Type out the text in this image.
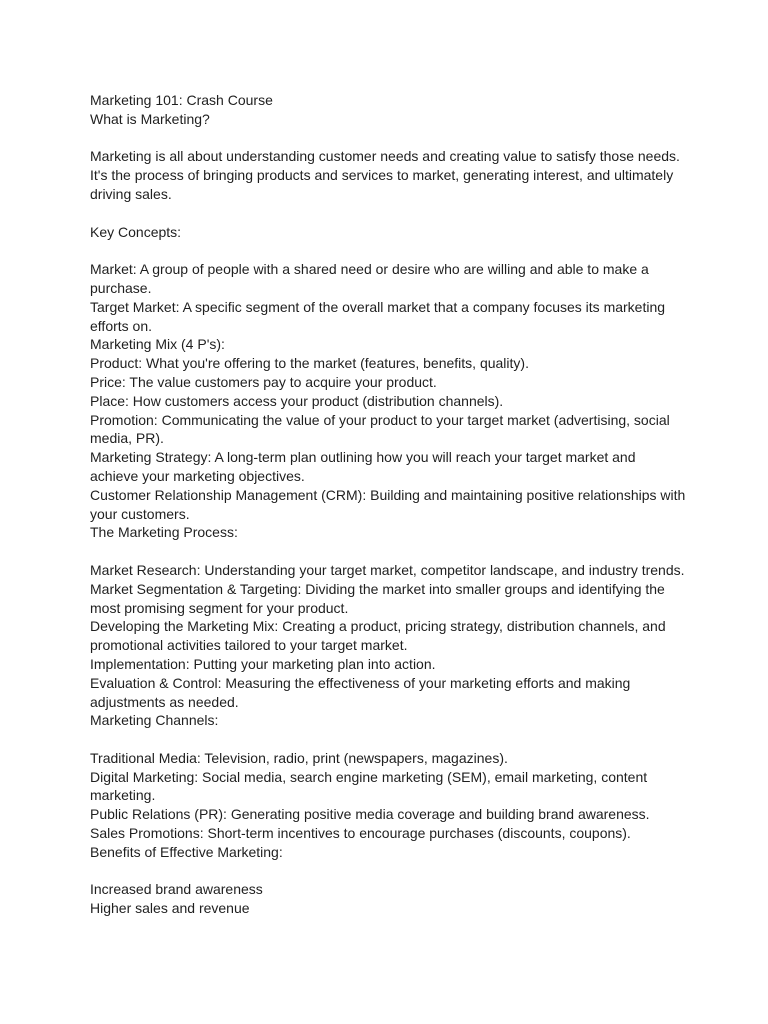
Marketing 101: Crash Course
What is Marketing?
Marketing is all about understanding customer needs and creating value to satisfy those needs.
It's the process of bringing products and services to market, generating interest, and ultimately
driving sales.
Key Concepts:
Market: A group of people with a shared need or desire who are willing and able to make a
purchase.
Target Market: A specific segment of the overall market that a company focuses its marketing
efforts on.
Marketing Mix (4 P's):
Product: What you're offering to the market (features, benefits, quality).
Price: The value customers pay to acquire your product.
Place: How customers access your product (distribution channels).
Promotion: Communicating the value of your product to your target market (advertising, social
media, PR).
Marketing Strategy: A long-term plan outlining how you will reach your target market and
achieve your marketing objectives.
Customer Relationship Management (CRM): Building and maintaining positive relationships with
your customers.
The Marketing Process:
Market Research: Understanding your target market, competitor landscape, and industry trends.
Market Segmentation & Targeting: Dividing the market into smaller groups and identifying the
most promising segment for your product.
Developing the Marketing Mix: Creating a product, pricing strategy, distribution channels, and
promotional activities tailored to your target market.
Implementation: Putting your marketing plan into action.
Evaluation & Control: Measuring the effectiveness of your marketing efforts and making
adjustments as needed.
Marketing Channels:
Traditional Media: Television, radio, print (newspapers, magazines).
Digital Marketing: Social media, search engine marketing (SEM), email marketing, content
marketing.
Public Relations (PR): Generating positive media coverage and building brand awareness.
Sales Promotions: Short-term incentives to encourage purchases (discounts, coupons).
Benefits of Effective Marketing:
Increased brand awareness
Higher sales and revenue
